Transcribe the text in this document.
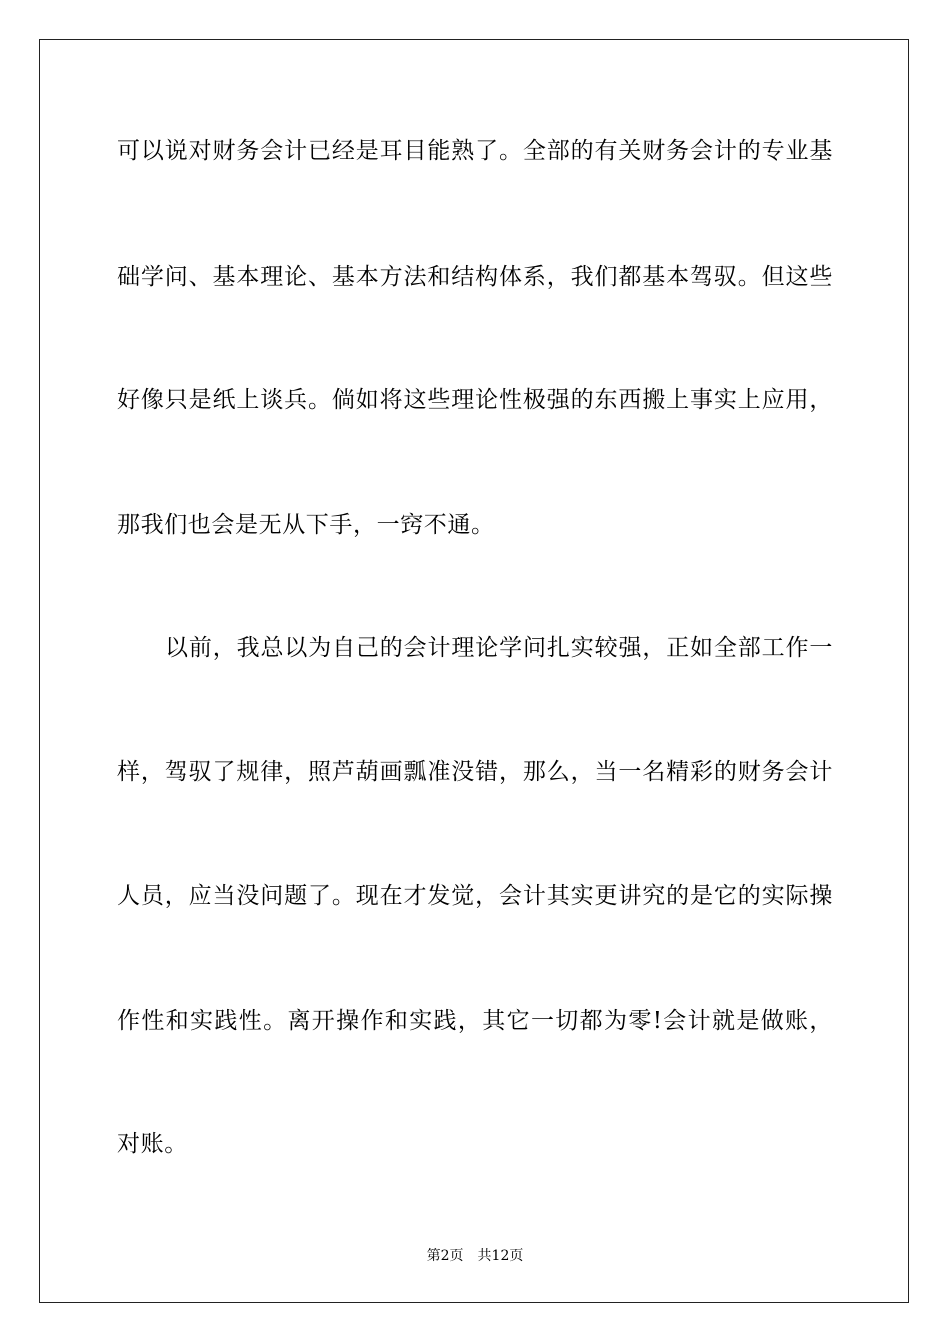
可以说对财务会计已经是耳目能熟了。全部的有关财务会计的专业基
础学问、基本理论、基本方法和结构体系，我们都基本驾驭。但这些
好像只是纸上谈兵。倘如将这些理论性极强的东西搬上事实上应用，
那我们也会是无从下手，一窍不通。
以前，我总以为自己的会计理论学问扎实较强，正如全部工作一
样，驾驭了规律，照芦葫画瓢准没错，那么，当一名精彩的财务会计
人员，应当没问题了。现在才发觉，会计其实更讲究的是它的实际操
作性和实践性。离开操作和实践，其它一切都为零!会计就是做账，
对账。
第2页　共12页
